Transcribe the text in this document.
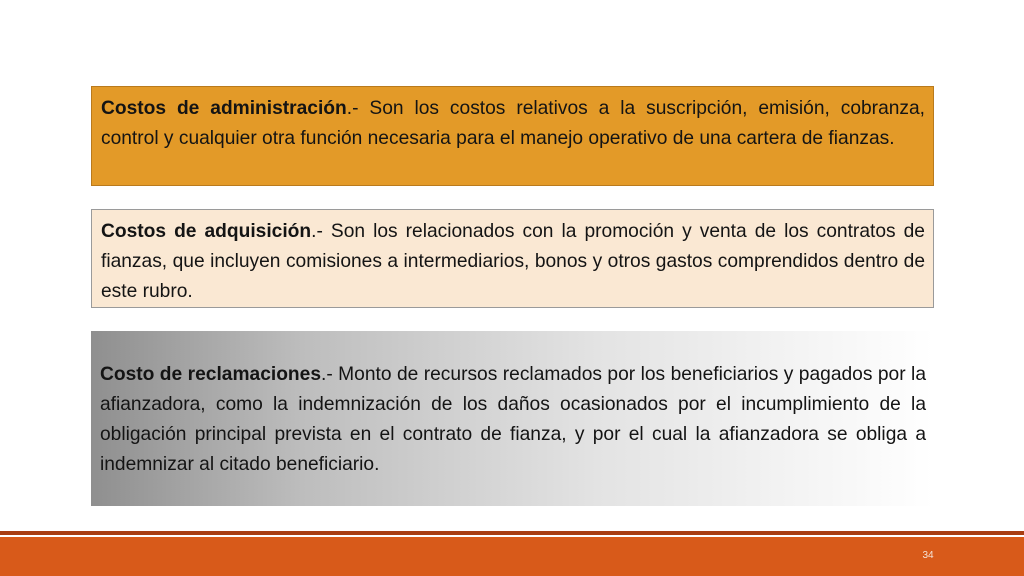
Costos de administración.- Son los costos relativos a la suscripción, emisión, cobranza, control y cualquier otra función necesaria para el manejo operativo de una cartera de fianzas.
Costos de adquisición.- Son los relacionados con la promoción y venta de los contratos de fianzas, que incluyen comisiones a intermediarios, bonos y otros gastos comprendidos dentro de este rubro.
Costo de reclamaciones.- Monto de recursos reclamados por los beneficiarios y pagados por la afianzadora, como la indemnización de los daños ocasionados por el incumplimiento de la obligación principal prevista en el contrato de fianza, y por el cual la afianzadora se obliga a indemnizar al citado beneficiario.
34
